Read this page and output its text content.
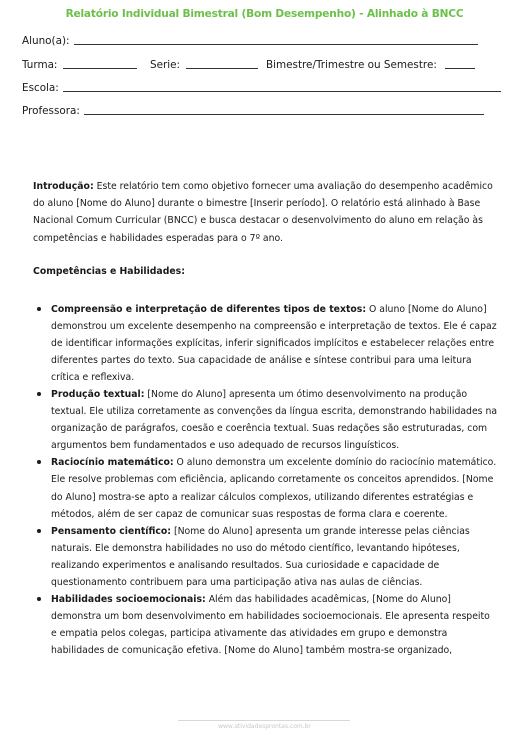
Relatório Individual Bimestral (Bom Desempenho) - Alinhado à BNCC
Aluno(a):
Turma:	Serie:	Bimestre/Trimestre ou Semestre:
Escola:
Professora:

Introdução: Este relatório tem como objetivo fornecer uma avaliação do desempenho acadêmico do aluno [Nome do Aluno] durante o bimestre [Inserir período]. O relatório está alinhado à Base Nacional Comum Curricular (BNCC) e busca destacar o desenvolvimento do aluno em relação às competências e habilidades esperadas para o 7º ano.

Competências e Habilidades:
Compreensão e interpretação de diferentes tipos de textos: O aluno [Nome do Aluno] demonstrou um excelente desempenho na compreensão e interpretação de textos. Ele é capaz de identificar informações explícitas, inferir significados implícitos e estabelecer relações entre diferentes partes do texto. Sua capacidade de análise e síntese contribui para uma leitura crítica e reflexiva.
Produção textual: [Nome do Aluno] apresenta um ótimo desenvolvimento na produção textual. Ele utiliza corretamente as convenções da língua escrita, demonstrando habilidades na organização de parágrafos, coesão e coerência textual. Suas redações são estruturadas, com argumentos bem fundamentados e uso adequado de recursos linguísticos.
Raciocínio matemático: O aluno demonstra um excelente domínio do raciocínio matemático. Ele resolve problemas com eficiência, aplicando corretamente os conceitos aprendidos. [Nome do Aluno] mostra-se apto a realizar cálculos complexos, utilizando diferentes estratégias e métodos, além de ser capaz de comunicar suas respostas de forma clara e coerente.
Pensamento científico: [Nome do Aluno] apresenta um grande interesse pelas ciências naturais. Ele demonstra habilidades no uso do método científico, levantando hipóteses, realizando experimentos e analisando resultados. Sua curiosidade e capacidade de questionamento contribuem para uma participação ativa nas aulas de ciências.
Habilidades socioemocionais: Além das habilidades acadêmicas, [Nome do Aluno] demonstra um bom desenvolvimento em habilidades socioemocionais. Ele apresenta respeito e empatia pelos colegas, participa ativamente das atividades em grupo e demonstra habilidades de comunicação efetiva. [Nome do Aluno] também mostra-se organizado,
www.atividadesprontas.com.br
